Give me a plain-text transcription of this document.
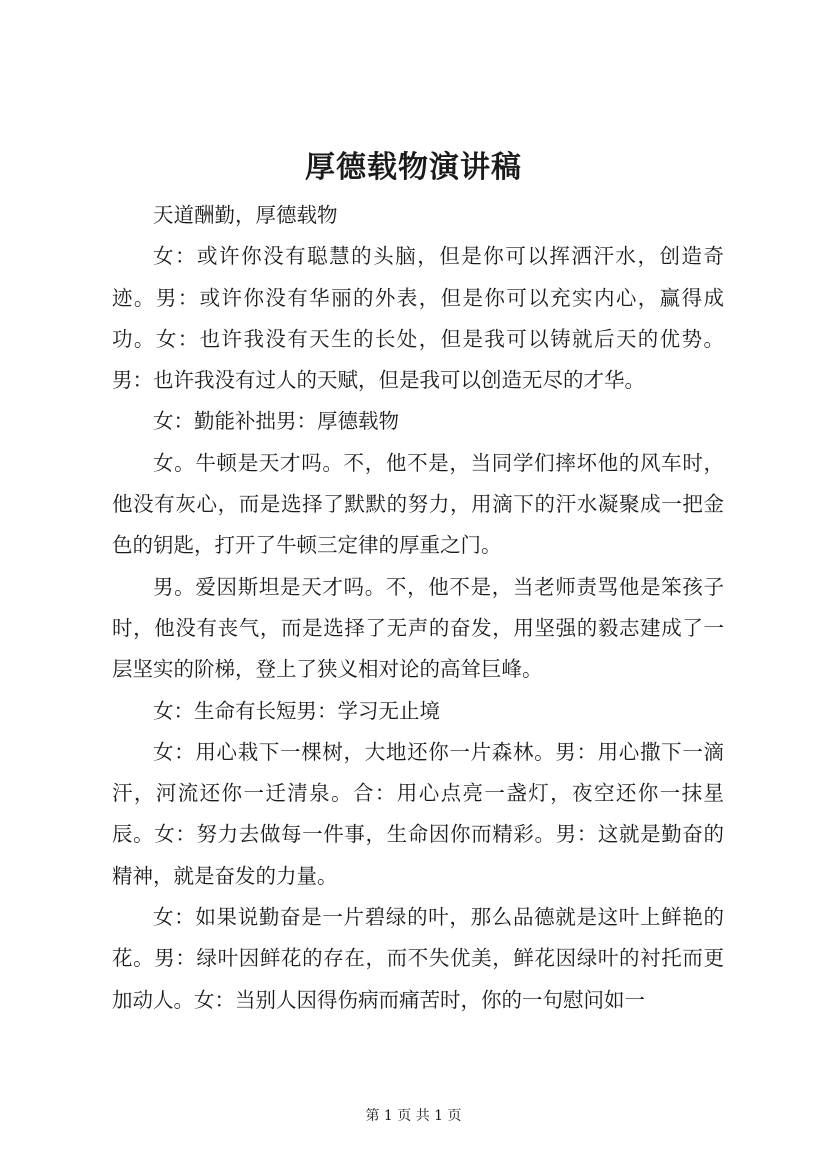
厚德载物演讲稿

天道酬勤，厚德载物

女：或许你没有聪慧的头脑，但是你可以挥洒汗水，创造奇迹。男：或许你没有华丽的外表，但是你可以充实内心，赢得成功。女：也许我没有天生的长处，但是我可以铸就后天的优势。男：也许我没有过人的天赋，但是我可以创造无尽的才华。

女：勤能补拙男：厚德载物

女。牛顿是天才吗。不，他不是，当同学们摔坏他的风车时，他没有灰心，而是选择了默默的努力，用滴下的汗水凝聚成一把金色的钥匙，打开了牛顿三定律的厚重之门。

男。爱因斯坦是天才吗。不，他不是，当老师责骂他是笨孩子时，他没有丧气，而是选择了无声的奋发，用坚强的毅志建成了一层坚实的阶梯，登上了狭义相对论的高耸巨峰。

女：生命有长短男：学习无止境

女：用心栽下一棵树，大地还你一片森林。男：用心撒下一滴汗，河流还你一迁清泉。合：用心点亮一盏灯，夜空还你一抹星辰。女：努力去做每一件事，生命因你而精彩。男：这就是勤奋的精神，就是奋发的力量。

女：如果说勤奋是一片碧绿的叶，那么品德就是这叶上鲜艳的花。男：绿叶因鲜花的存在，而不失优美，鲜花因绿叶的衬托而更加动人。女：当别人因得伤病而痛苦时，你的一句慰问如一

第 1 页 共 1 页
